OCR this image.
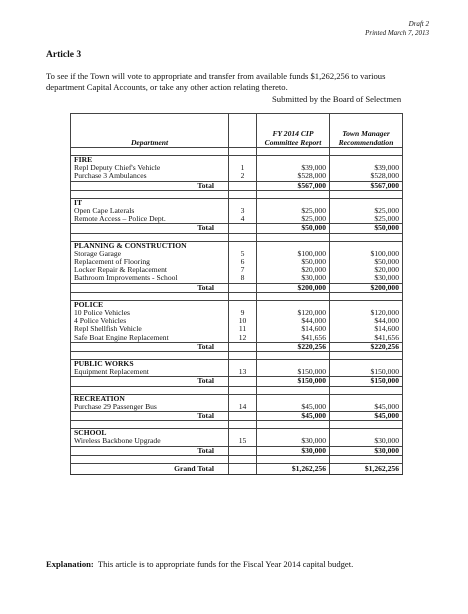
Draft 2
Printed March 7, 2013
Article 3
To see if the Town will vote to appropriate and transfer from available funds $1,262,256 to various department Capital Accounts, or take any other action relating thereto.
Submitted by the Board of Selectmen
Department		FY 2014 CIP Committee Report	Town Manager Recommendation

FIRE			
Repl Deputy Chief's Vehicle	1	$39,000	$39,000
Purchase 3 Ambulances	2	$528,000	$528,000
Total		$567,000	$567,000

IT			
Open Cape Laterals	3	$25,000	$25,000
Remote Access – Police Dept.	4	$25,000	$25,000
Total		$50,000	$50,000

PLANNING & CONSTRUCTION			
Storage Garage	5	$100,000	$100,000
Replacement of Flooring	6	$50,000	$50,000
Locker Repair & Replacement	7	$20,000	$20,000
Bathroom Improvements - School	8	$30,000	$30,000
Total		$200,000	$200,000

POLICE			
10 Police Vehicles	9	$120,000	$120,000
4 Police Vehicles	10	$44,000	$44,000
Repl Shellfish Vehicle	11	$14,600	$14,600
Safe Boat Engine Replacement	12	$41,656	$41,656
Total		$220,256	$220,256

PUBLIC WORKS			
Equipment Replacement	13	$150,000	$150,000
Total		$150,000	$150,000

RECREATION			
Purchase 29 Passenger Bus	14	$45,000	$45,000
Total		$45,000	$45,000

SCHOOL			
Wireless Backbone Upgrade	15	$30,000	$30,000
Total		$30,000	$30,000

Grand Total		$1,262,256	$1,262,256
Explanation: This article is to appropriate funds for the Fiscal Year 2014 capital budget.
